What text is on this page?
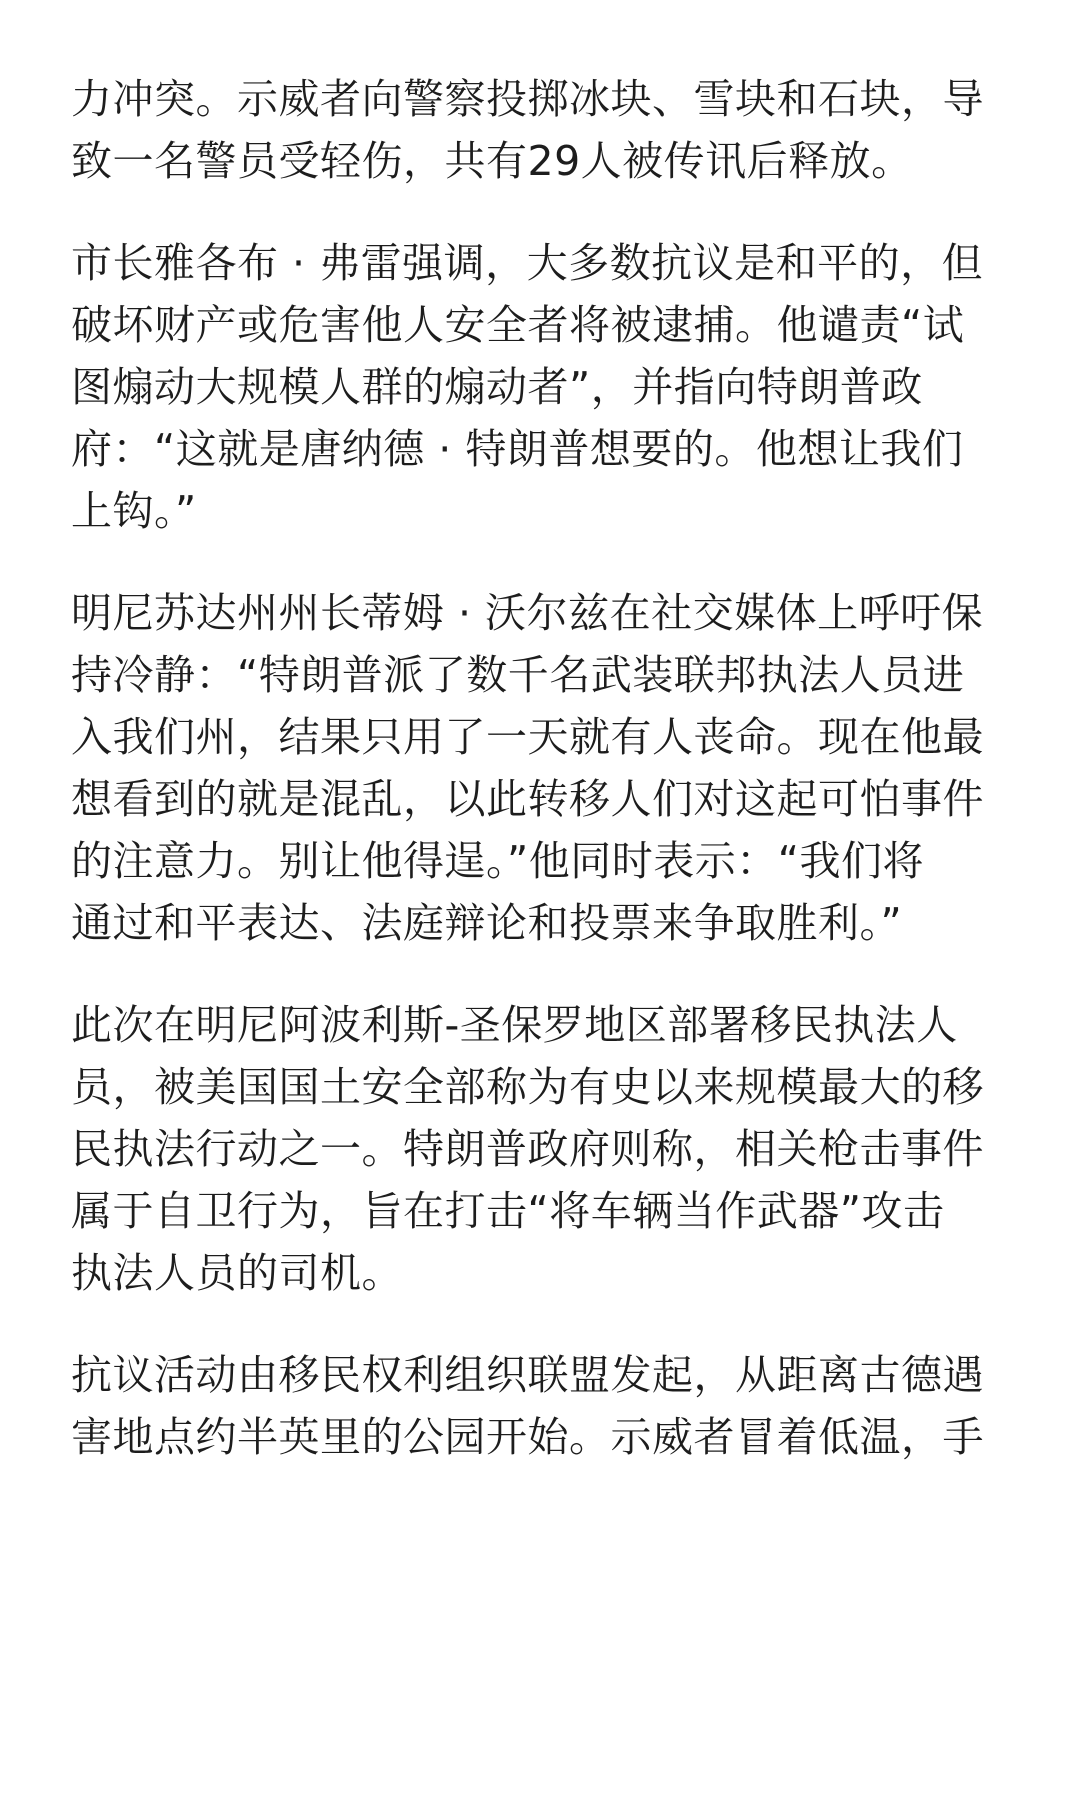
力冲突。示威者向警察投掷冰块、雪块和石块，导
致一名警员受轻伤，共有29人被传讯后释放。

市长雅各布 · 弗雷强调，大多数抗议是和平的，但
破坏财产或危害他人安全者将被逮捕。他谴责“试
图煽动大规模人群的煽动者”，并指向特朗普政
府：“这就是唐纳德 · 特朗普想要的。他想让我们
上钩。”

明尼苏达州州长蒂姆 · 沃尔兹在社交媒体上呼吁保
持冷静：“特朗普派了数千名武装联邦执法人员进
入我们州，结果只用了一天就有人丧命。现在他最
想看到的就是混乱，以此转移人们对这起可怕事件
的注意力。别让他得逞。”他同时表示：“我们将
通过和平表达、法庭辩论和投票来争取胜利。”

此次在明尼阿波利斯-圣保罗地区部署移民执法人
员，被美国国土安全部称为有史以来规模最大的移
民执法行动之一。特朗普政府则称，相关枪击事件
属于自卫行为，旨在打击“将车辆当作武器”攻击
执法人员的司机。

抗议活动由移民权利组织联盟发起，从距离古德遇
害地点约半英里的公园开始。示威者冒着低温，手
